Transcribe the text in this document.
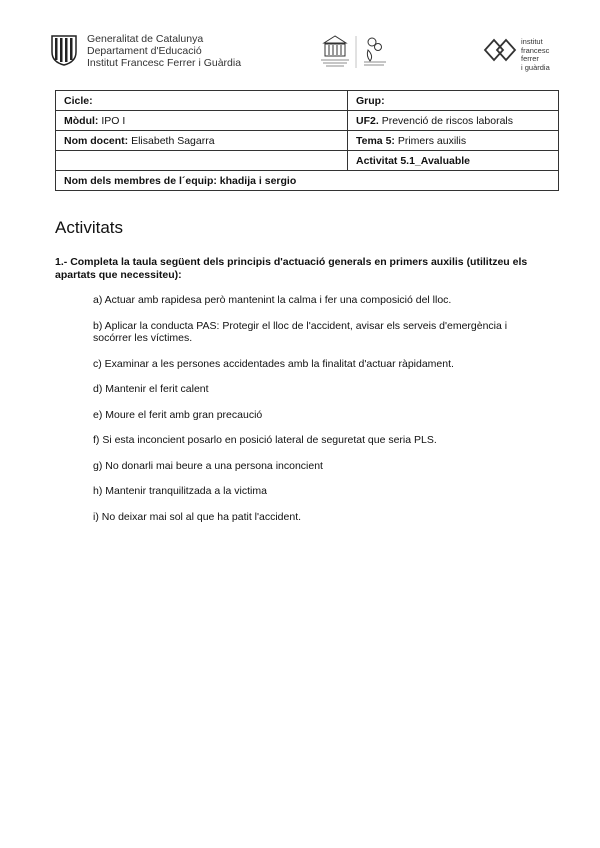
Generalitat de Catalunya
Departament d'Educació
Institut Francesc Ferrer i Guàrdia
institut
francesc
ferrer
i guàrdia
Cicle:	Grup:
Mòdul: IPO I	UF2. Prevenció de riscos laborals
Nom docent: Elisabeth Sagarra	Tema 5: Primers auxilis
	Activitat 5.1_Avaluable
Nom dels membres de l´equip: khadija i sergio	
Activitats
1.- Completa la taula següent dels principis d'actuació generals en primers auxilis (utilitzeu els apartats que necessiteu):
a) Actuar amb rapidesa però mantenint la calma i fer una composició del lloc.
b) Aplicar la conducta PAS: Protegir el lloc de l'accident, avisar els serveis d'emergència i socórrer les víctimes.
c) Examinar a les persones accidentades amb la finalitat d'actuar ràpidament.
d) Mantenir el ferit calent
e) Moure el ferit amb gran precaució
f) Si esta inconcient posarlo en posició lateral de seguretat que seria PLS.
g) No donarli mai beure a una persona inconcient
h) Mantenir tranquilitzada a la victima
i) No deixar mai sol al que ha patit l'accident.
